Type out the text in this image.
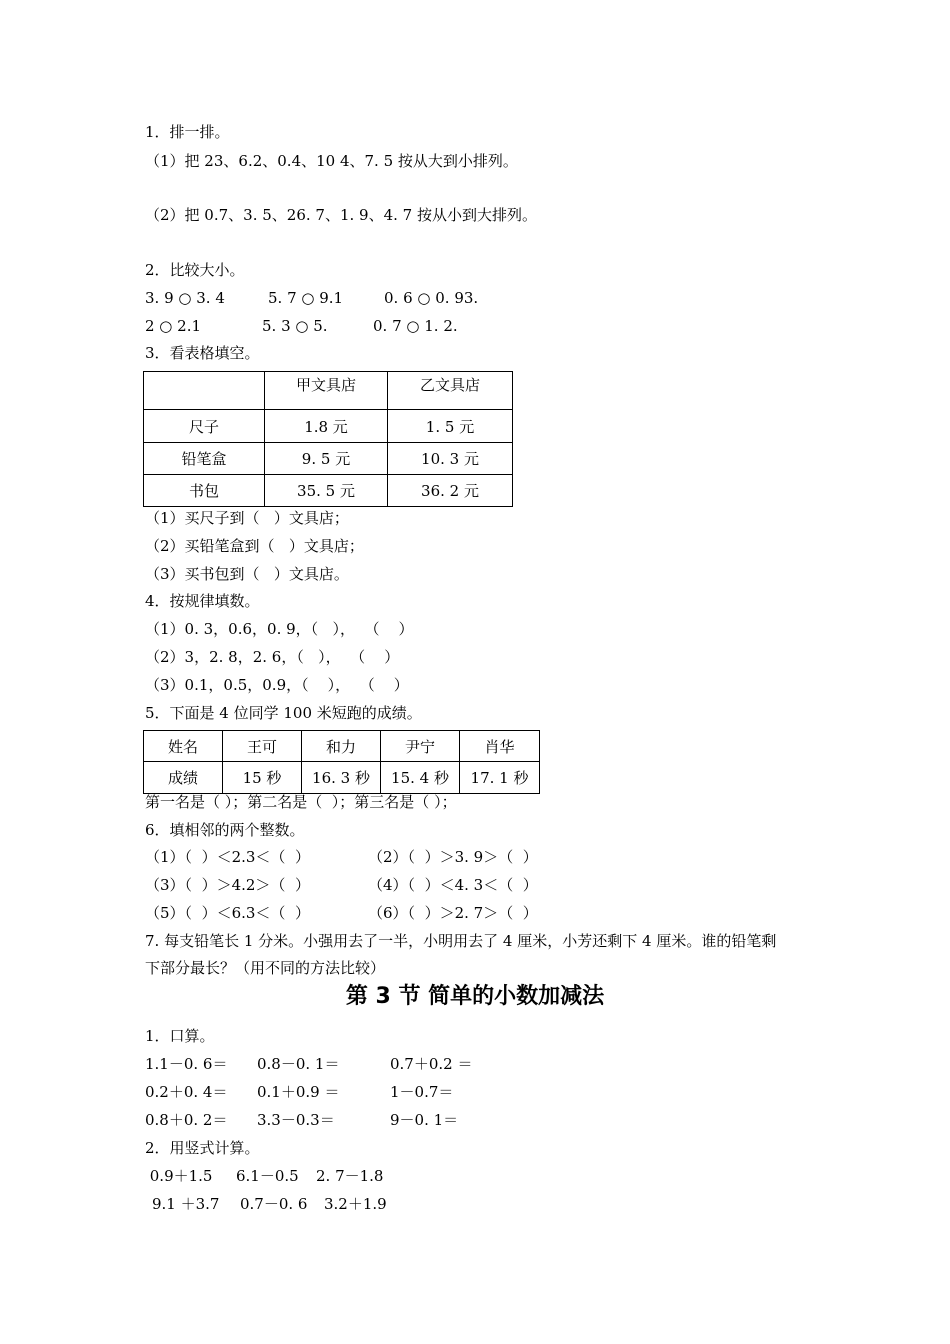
1．排一排。
（1）把 23、6.2、0.4、10 4、7. 5 按从大到小排列。
（2）把 0.7、3. 5、26. 7、1. 9、4. 7 按从小到大排列。
2．比较大小。
3. 9 ○ 3. 4	5. 7 ○ 9.1	0. 6 ○ 0. 93.
2 ○ 2.1	5. 3 ○ 5.	0. 7 ○ 1. 2.
3．看表格填空。
	甲文具店	乙文具店
尺子	1.8 元	1. 5 元
铅笔盒	9. 5 元	10. 3 元
书包	35. 5 元	36. 2 元
（1）买尺子到（   ）文具店；
（2）买铅笔盒到（   ）文具店；
（3）买书包到（   ）文具店。
4．按规律填数。
（1）0. 3，0.6，0. 9，（   ），  （    ）
（2）3，2. 8，2. 6，（   ），  （    ）
（3）0.1，0.5，0.9，（    ），  （    ）
5．下面是 4 位同学 100 米短跑的成绩。
姓名	王可	和力	尹宁	肖华
成绩	15 秒	16. 3 秒	15. 4 秒	17. 1 秒
第一名是（ ）；第二名是（  ）；第三名是（ ）；
6．填相邻的两个整数。
（1）（  ）＜2.3＜（  ）	（2）（  ）＞3. 9＞（  ）
（3）（  ）＞4.2＞（  ）	（4）（  ）＜4. 3＜（  ）
（5）（  ）＜6.3＜（  ）	（6）（  ）＞2. 7＞（  ）
7. 每支铅笔长 1 分米。小强用去了一半，小明用去了 4 厘米，小芳还剩下 4 厘米。谁的铅笔剩
下部分最长？（用不同的方法比较）
第 3 节 简单的小数加减法
1．口算。
1.1－0. 6＝ 0.8－0. 1＝	0.7＋0.2 ＝
0.2＋0. 4＝ 0.1＋0.9 ＝	1－0.7＝
0.8＋0. 2＝ 3.3－0.3＝	9－0. 1＝
2．用竖式计算。
0.9＋1.5 6.1－0.5 2. 7－1.8
9.1 ＋3.7 0.7－0. 6 3.2＋1.9
